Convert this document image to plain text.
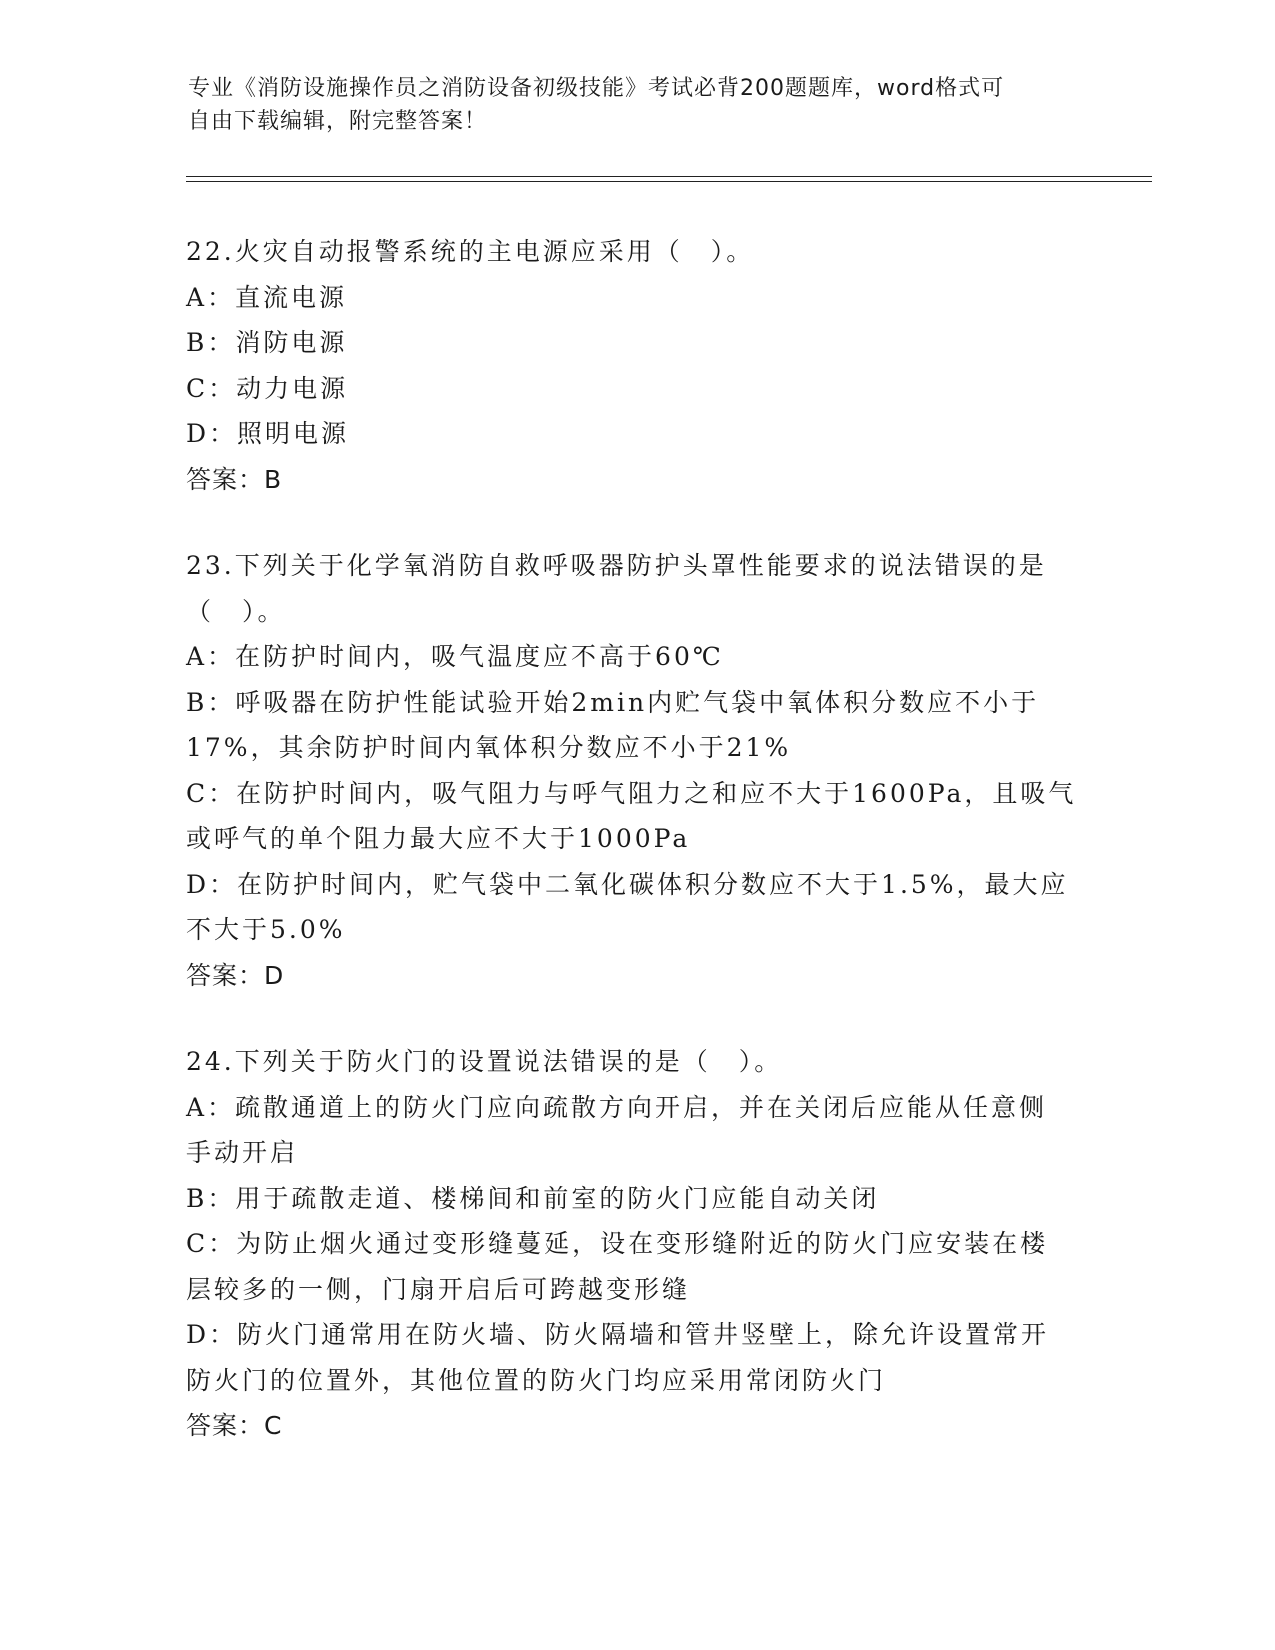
专业《消防设施操作员之消防设备初级技能》考试必背200题题库，word格式可
自由下载编辑，附完整答案！
22.火灾自动报警系统的主电源应采用（　）。
A：直流电源
B：消防电源
C：动力电源
D：照明电源
答案：B
23.下列关于化学氧消防自救呼吸器防护头罩性能要求的说法错误的是
（　）。
A：在防护时间内，吸气温度应不高于60℃
B：呼吸器在防护性能试验开始2min内贮气袋中氧体积分数应不小于
17%，其余防护时间内氧体积分数应不小于21%
C：在防护时间内，吸气阻力与呼气阻力之和应不大于1600Pa，且吸气
或呼气的单个阻力最大应不大于1000Pa
D：在防护时间内，贮气袋中二氧化碳体积分数应不大于1.5%，最大应
不大于5.0%
答案：D
24.下列关于防火门的设置说法错误的是（　）。
A：疏散通道上的防火门应向疏散方向开启，并在关闭后应能从任意侧
手动开启
B：用于疏散走道、楼梯间和前室的防火门应能自动关闭
C：为防止烟火通过变形缝蔓延，设在变形缝附近的防火门应安装在楼
层较多的一侧，门扇开启后可跨越变形缝
D：防火门通常用在防火墙、防火隔墙和管井竖壁上，除允许设置常开
防火门的位置外，其他位置的防火门均应采用常闭防火门
答案：C
